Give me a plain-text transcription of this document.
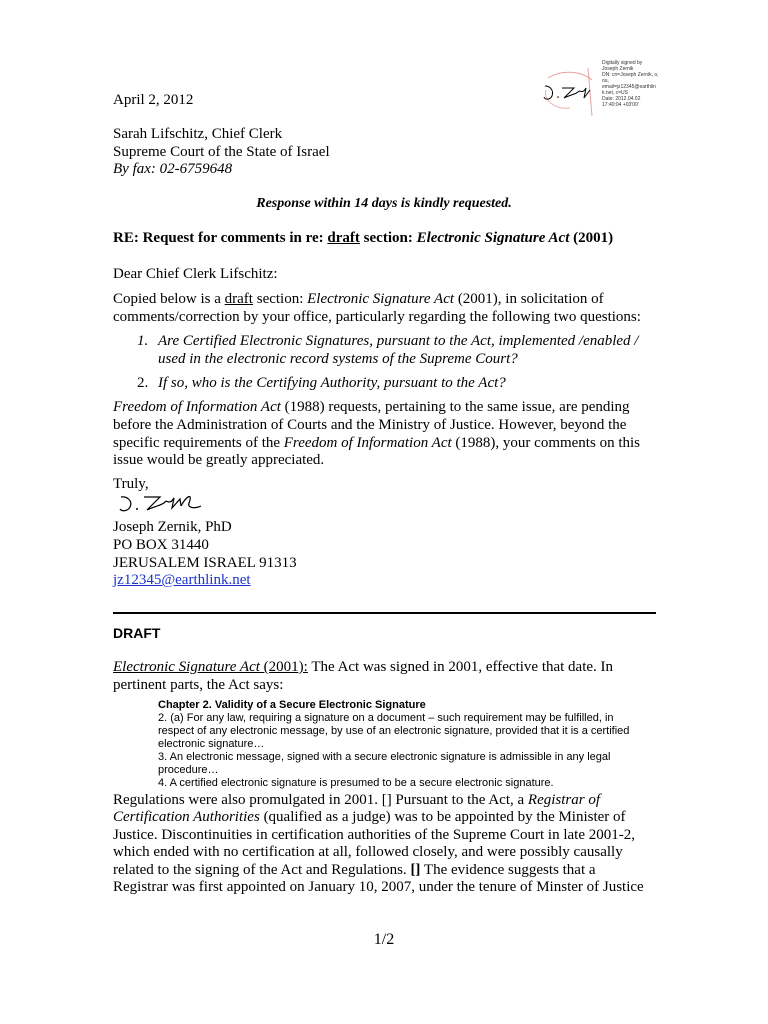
Digitally signed by
Joseph Zernik
DN: cn=Joseph Zernik, o,
ou,
email=jz12345@earthlin
k.net, c=US
Date: 2012.04.02
17:40:04 +03'00'
April 2, 2012
Sarah Lifschitz, Chief Clerk
Supreme Court of the State of Israel
By fax: 02-6759648
Response within 14 days is kindly requested.
RE: Request for comments in re: draft section: Electronic Signature Act (2001)
Dear Chief Clerk Lifschitz:
Copied below is a draft section: Electronic Signature Act (2001), in solicitation of
comments/correction by your office, particularly regarding the following two questions:
1. Are Certified Electronic Signatures, pursuant to the Act, implemented /enabled /
used in the electronic record systems of the Supreme Court?
2. If so, who is the Certifying Authority, pursuant to the Act?
Freedom of Information Act (1988) requests, pertaining to the same issue, are pending
before the Administration of Courts and the Ministry of Justice. However, beyond the
specific requirements of the Freedom of Information Act (1988), your comments on this
issue would be greatly appreciated.
Truly,
Joseph Zernik, PhD
PO BOX 31440
JERUSALEM ISRAEL 91313
jz12345@earthlink.net
DRAFT
Electronic Signature Act (2001): The Act was signed in 2001, effective that date. In
pertinent parts, the Act says:
Chapter 2. Validity of a Secure Electronic Signature
2. (a) For any law, requiring a signature on a document – such requirement may be fulfilled, in
respect of any electronic message, by use of an electronic signature, provided that it is a certified
electronic signature…
3. An electronic message, signed with a secure electronic signature is admissible in any legal
procedure…
4. A certified electronic signature is presumed to be a secure electronic signature.
Regulations were also promulgated in 2001. [] Pursuant to the Act, a Registrar of
Certification Authorities (qualified as a judge) was to be appointed by the Minister of
Justice. Discontinuities in certification authorities of the Supreme Court in late 2001-2,
which ended with no certification at all, followed closely, and were possibly causally
related to the signing of the Act and Regulations. [] The evidence suggests that a
Registrar was first appointed on January 10, 2007, under the tenure of Minster of Justice
1/2
